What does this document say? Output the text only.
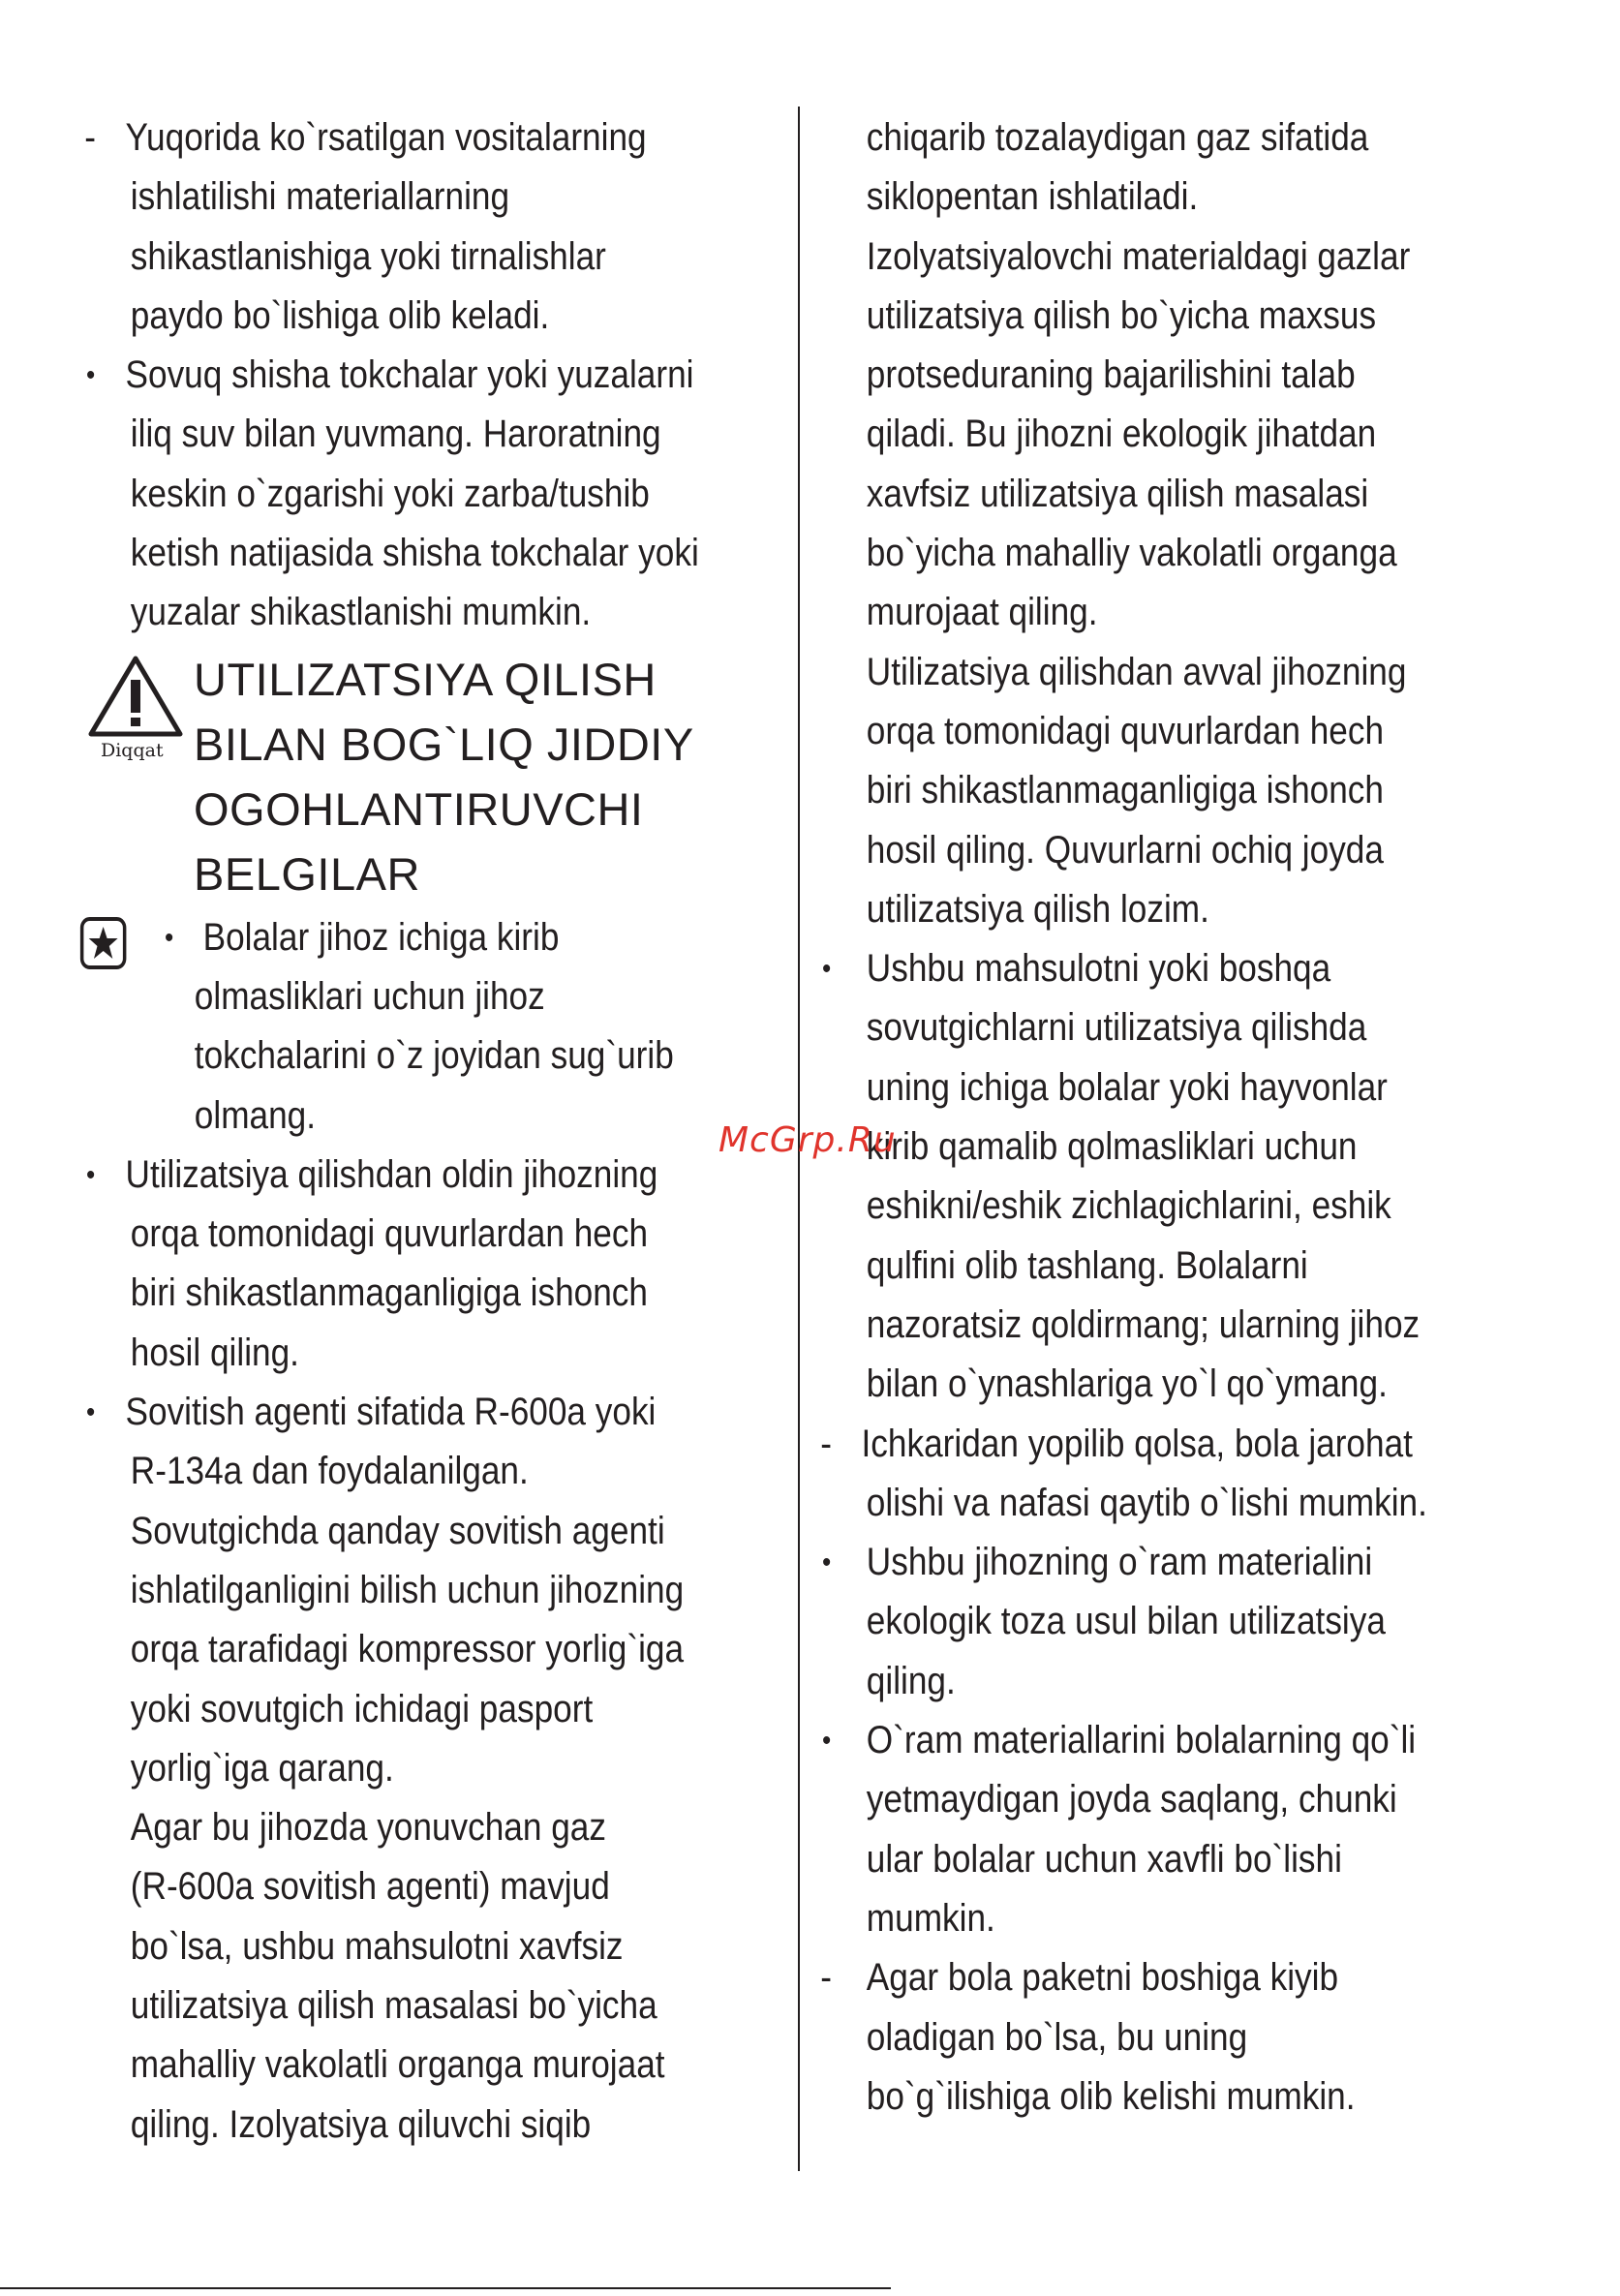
- Yuqorida ko`rsatilgan vositalarning
ishlatilishi materiallarning
shikastlanishiga yoki tirnalishlar
paydo bo`lishiga olib keladi.
• Sovuq shisha tokchalar yoki yuzalarni
iliq suv bilan yuvmang. Haroratning
keskin o`zgarishi yoki zarba/tushib
ketish natijasida shisha tokchalar yoki
yuzalar shikastlanishi mumkin.
Diqqat
UTILIZATSIYA QILISH
BILAN BOG`LIQ JIDDIY
OGOHLANTIRUVCHI
BELGILAR
• Bolalar jihoz ichiga kirib
olmasliklari uchun jihoz
tokchalarini o`z joyidan sug`urib
olmang.
• Utilizatsiya qilishdan oldin jihozning
orqa tomonidagi quvurlardan hech
biri shikastlanmaganligiga ishonch
hosil qiling.
• Sovitish agenti sifatida R-600a yoki
R-134a dan foydalanilgan.
Sovutgichda qanday sovitish agenti
ishlatilganligini bilish uchun jihozning
orqa tarafidagi kompressor yorlig`iga
yoki sovutgich ichidagi pasport
yorlig`iga qarang.
Agar bu jihozda yonuvchan gaz
(R-600a sovitish agenti) mavjud
bo`lsa, ushbu mahsulotni xavfsiz
utilizatsiya qilish masalasi bo`yicha
mahalliy vakolatli organga murojaat
qiling. Izolyatsiya qiluvchi siqib
chiqarib tozalaydigan gaz sifatida
siklopentan ishlatiladi.
Izolyatsiyalovchi materialdagi gazlar
utilizatsiya qilish bo`yicha maxsus
protseduraning bajarilishini talab
qiladi. Bu jihozni ekologik jihatdan
xavfsiz utilizatsiya qilish masalasi
bo`yicha mahalliy vakolatli organga
murojaat qiling.
Utilizatsiya qilishdan avval jihozning
orqa tomonidagi quvurlardan hech
biri shikastlanmaganligiga ishonch
hosil qiling. Quvurlarni ochiq joyda
utilizatsiya qilish lozim.
• Ushbu mahsulotni yoki boshqa
sovutgichlarni utilizatsiya qilishda
uning ichiga bolalar yoki hayvonlar
kirib qamalib qolmasliklari uchun
eshikni/eshik zichlagichlarini, eshik
qulfini olib tashlang. Bolalarni
nazoratsiz qoldirmang; ularning jihoz
bilan o`ynashlariga yo`l qo`ymang.
- Ichkaridan yopilib qolsa, bola jarohat
olishi va nafasi qaytib o`lishi mumkin.
• Ushbu jihozning o`ram materialini
ekologik toza usul bilan utilizatsiya
qiling.
• O`ram materiallarini bolalarning qo`li
yetmaydigan joyda saqlang, chunki
ular bolalar uchun xavfli bo`lishi
mumkin.
- Agar bola paketni boshiga kiyib
oladigan bo`lsa, bu uning
bo`g`ilishiga olib kelishi mumkin.
McGrp.Ru
